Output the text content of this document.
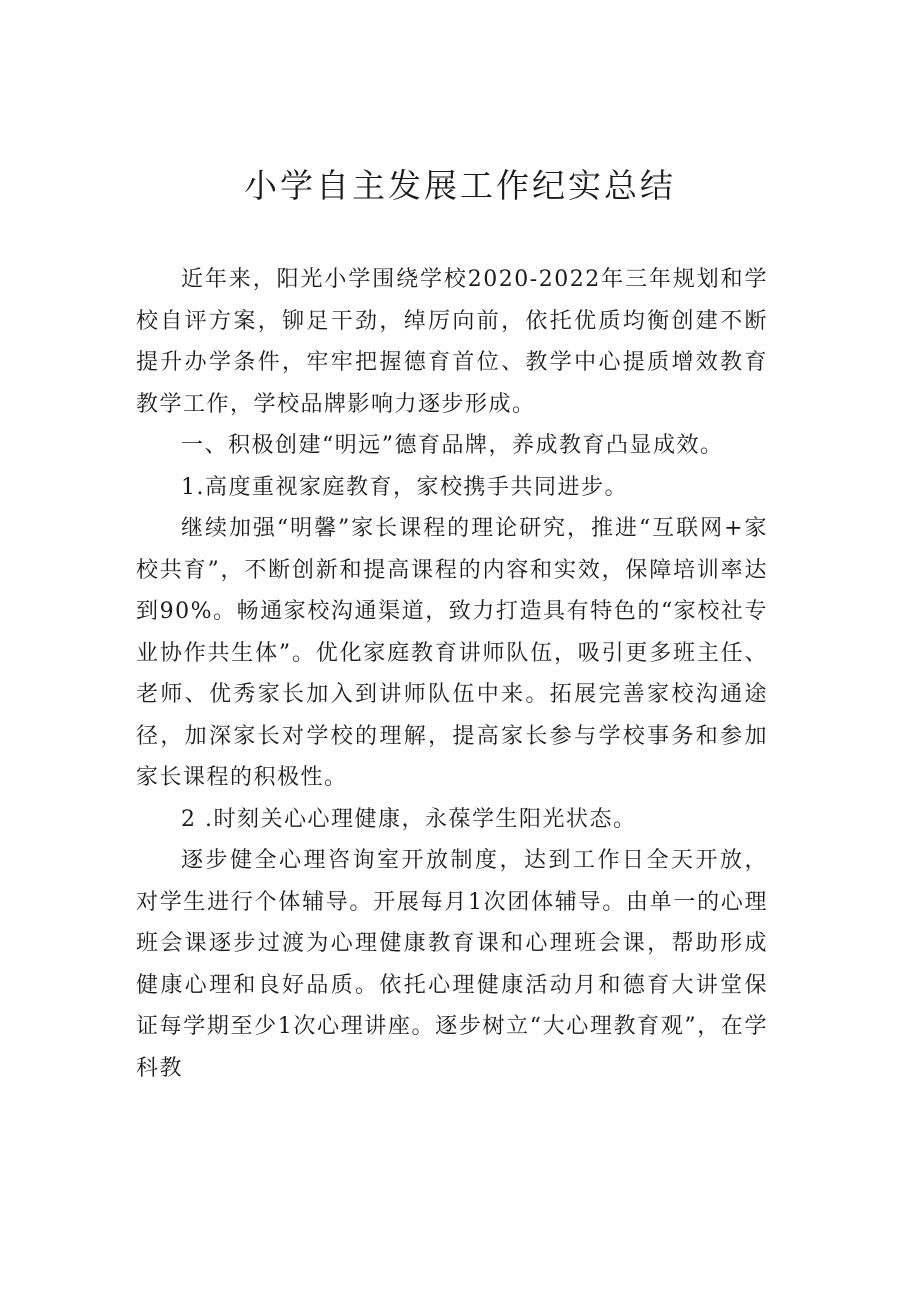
小学自主发展工作纪实总结

近年来，阳光小学围绕学校2020-2022年三年规划和学校自评方案，铆足干劲，绰厉向前，依托优质均衡创建不断提升办学条件，牢牢把握德育首位、教学中心提质增效教育教学工作，学校品牌影响力逐步形成。

一、积极创建“明远”德育品牌，养成教育凸显成效。

1.高度重视家庭教育，家校携手共同进步。

继续加强“明馨”家长课程的理论研究，推进“互联网+家校共育”，不断创新和提高课程的内容和实效，保障培训率达到90%。畅通家校沟通渠道，致力打造具有特色的“家校社专业协作共生体”。优化家庭教育讲师队伍，吸引更多班主任、老师、优秀家长加入到讲师队伍中来。拓展完善家校沟通途径，加深家长对学校的理解，提高家长参与学校事务和参加家长课程的积极性。

2 .时刻关心心理健康，永葆学生阳光状态。

逐步健全心理咨询室开放制度，达到工作日全天开放，对学生进行个体辅导。开展每月1次团体辅导。由单一的心理班会课逐步过渡为心理健康教育课和心理班会课，帮助形成健康心理和良好品质。依托心理健康活动月和德育大讲堂保证每学期至少1次心理讲座。逐步树立“大心理教育观”，在学科教
